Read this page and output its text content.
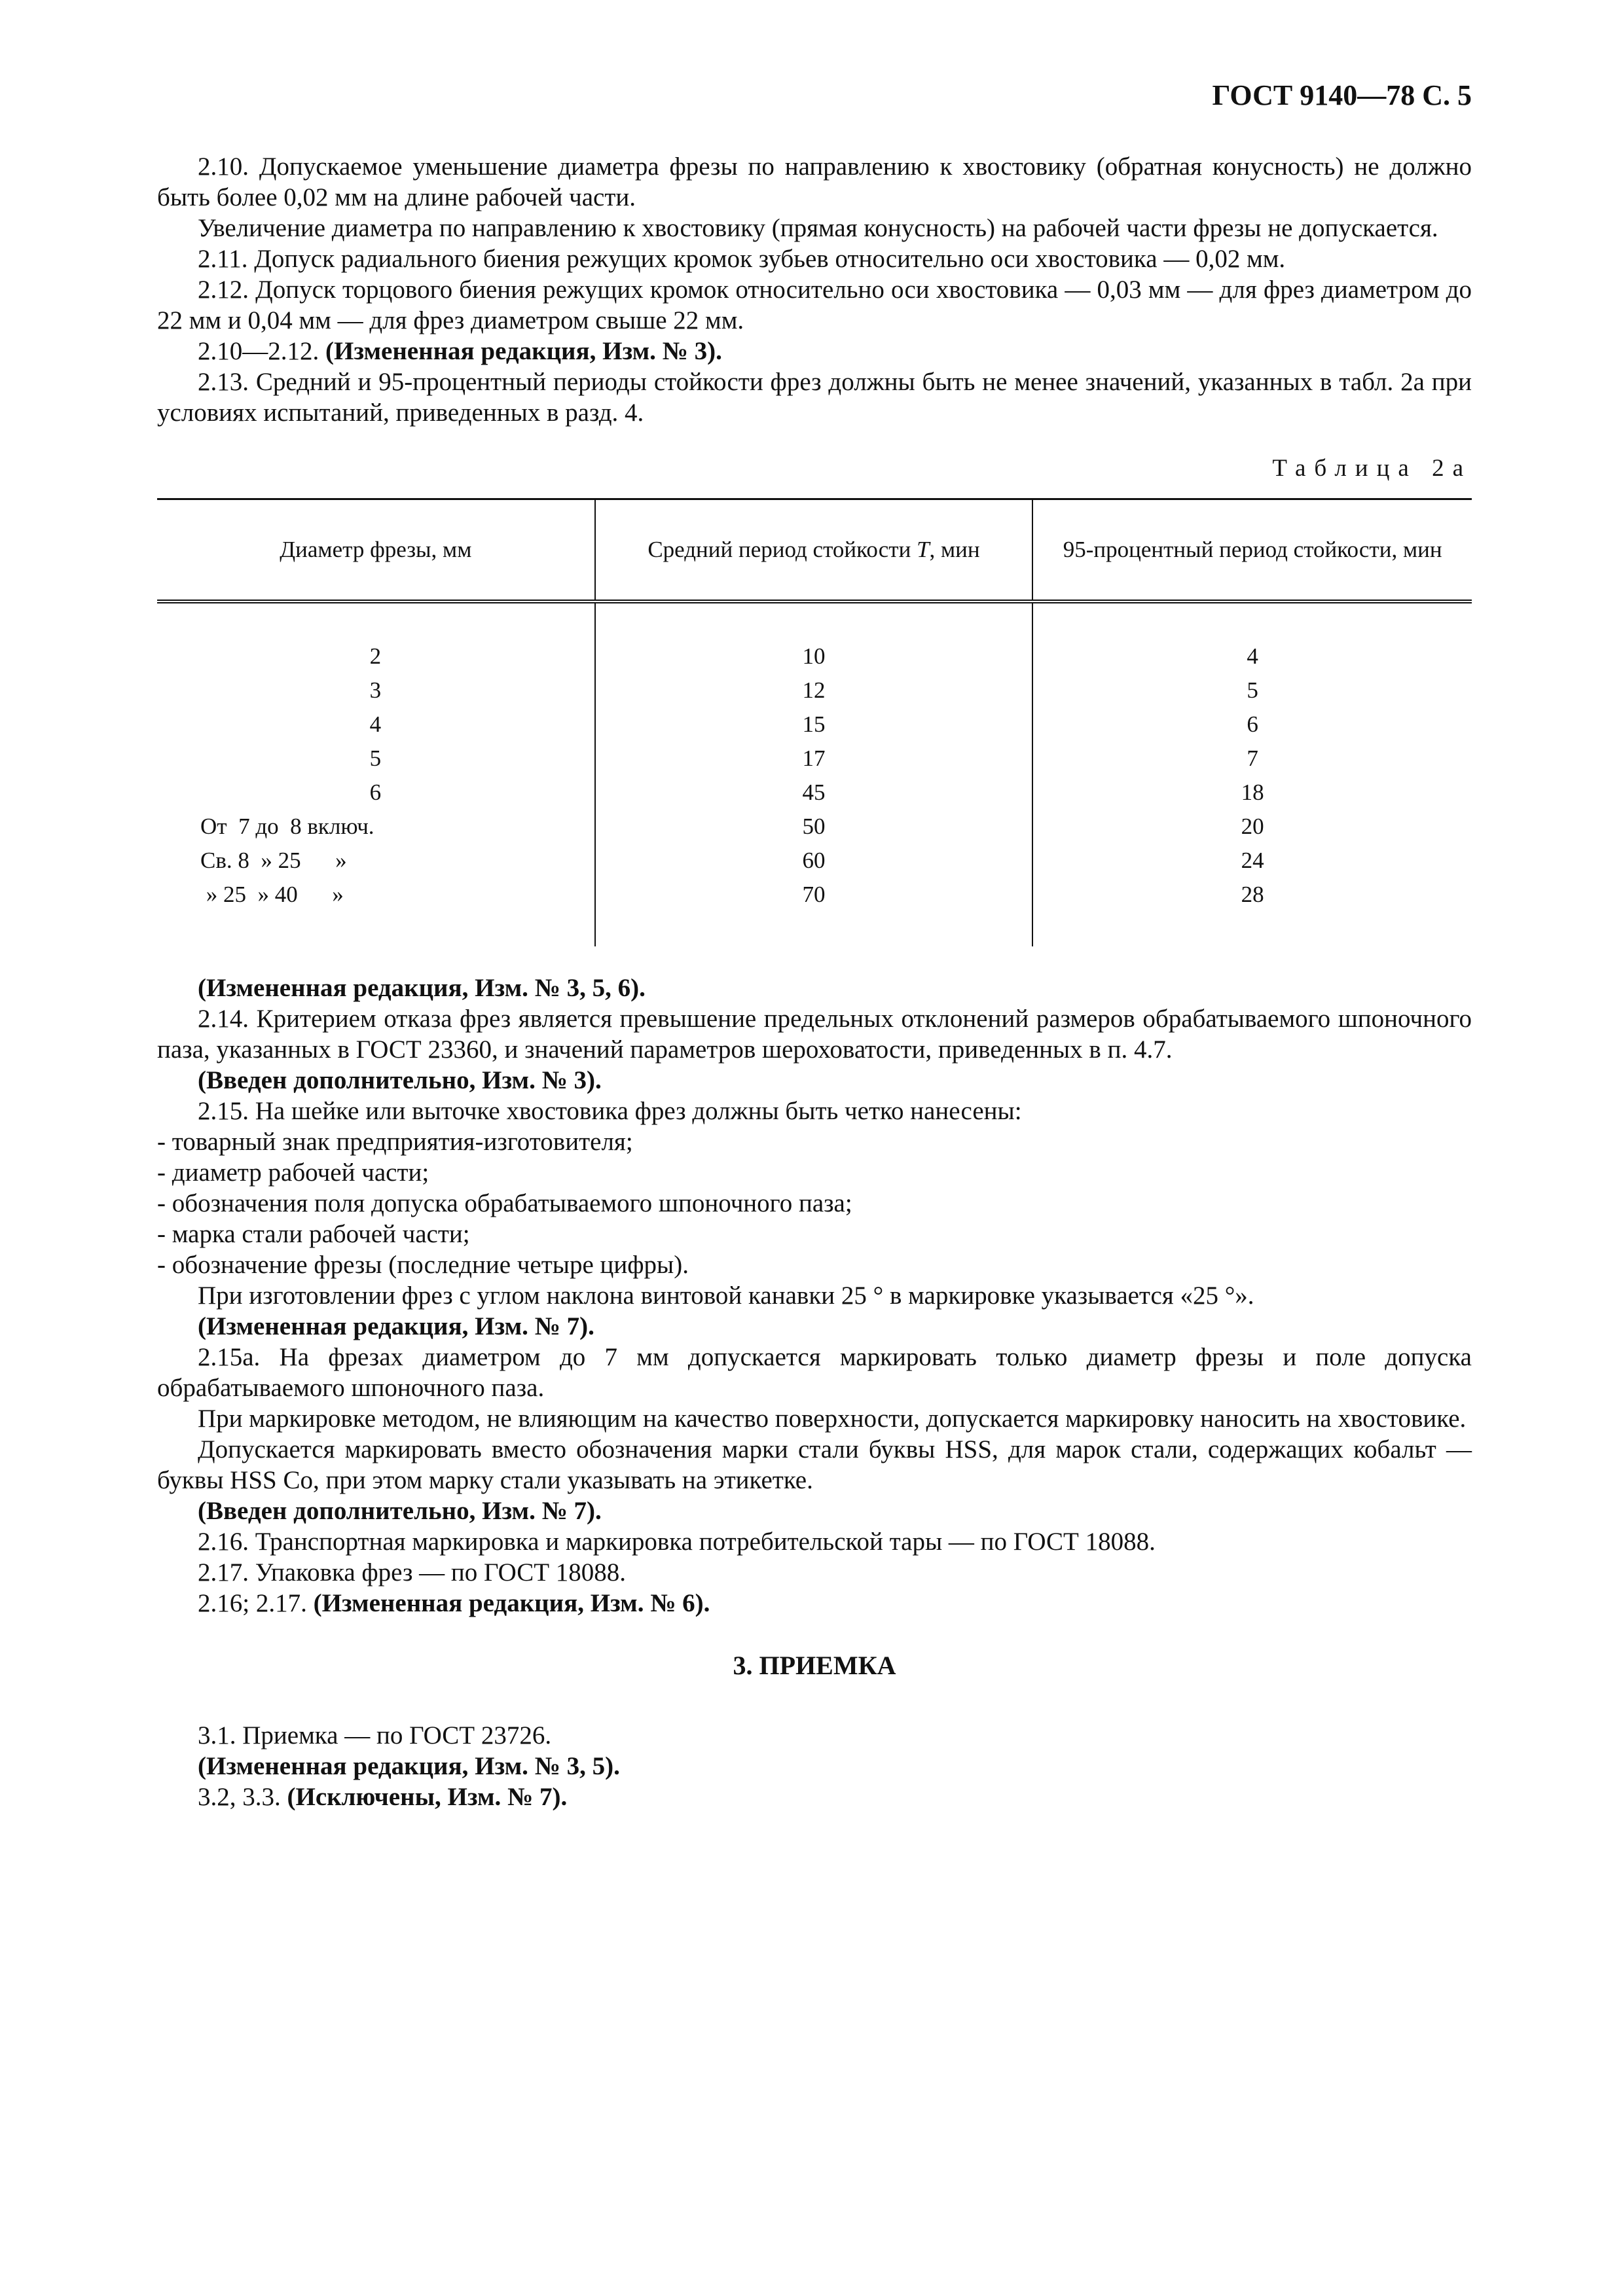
ГОСТ 9140—78 С. 5

2.10. Допускаемое уменьшение диаметра фрезы по направлению к хвостовику (обратная конусность) не должно быть более 0,02 мм на длине рабочей части.

Увеличение диаметра по направлению к хвостовику (прямая конусность) на рабочей части фрезы не допускается.

2.11. Допуск радиального биения режущих кромок зубьев относительно оси хвостовика — 0,02 мм.

2.12. Допуск торцового биения режущих кромок относительно оси хвостовика — 0,03 мм — для фрез диаметром до 22 мм и 0,04 мм — для фрез диаметром свыше 22 мм.

2.10—2.12. (Измененная редакция, Изм. № 3).

2.13. Средний и 95-процентный периоды стойкости фрез должны быть не менее значений, указанных в табл. 2а при условиях испытаний, приведенных в разд. 4.

Таблица 2а
Диаметр фрезы, мм	Средний период стойкости T, мин	95-процентный период стойкости, мин
2	10	4
3	12	5
4	15	6
5	17	7
6	45	18
От  7 до  8 включ.	50	20
Св. 8  » 25      »	60	24
» 25  » 40      »	70	28

(Измененная редакция, Изм. № 3, 5, 6).

2.14. Критерием отказа фрез является превышение предельных отклонений размеров обрабатываемого шпоночного паза, указанных в ГОСТ 23360, и значений параметров шероховатости, приведенных в п. 4.7.

(Введен дополнительно, Изм. № 3).

2.15. На шейке или выточке хвостовика фрез должны быть четко нанесены:

- товарный знак предприятия-изготовителя;

- диаметр рабочей части;

- обозначения поля допуска обрабатываемого шпоночного паза;

- марка стали рабочей части;

- обозначение фрезы (последние четыре цифры).

При изготовлении фрез с углом наклона винтовой канавки 25 ° в маркировке указывается «25 °».

(Измененная редакция, Изм. № 7).

2.15а. На фрезах диаметром до 7 мм допускается маркировать только диаметр фрезы и поле допуска обрабатываемого шпоночного паза.

При маркировке методом, не влияющим на качество поверхности, допускается маркировку наносить на хвостовике.

Допускается маркировать вместо обозначения марки стали буквы HSS, для марок стали, содержащих кобальт — буквы HSS Co, при этом марку стали указывать на этикетке.

(Введен дополнительно, Изм. № 7).

2.16. Транспортная маркировка и маркировка потребительской тары — по ГОСТ 18088.

2.17. Упаковка фрез — по ГОСТ 18088.

2.16; 2.17. (Измененная редакция, Изм. № 6).

3. ПРИЕМКА

3.1. Приемка — по ГОСТ 23726.

(Измененная редакция, Изм. № 3, 5).

3.2, 3.3. (Исключены, Изм. № 7).
